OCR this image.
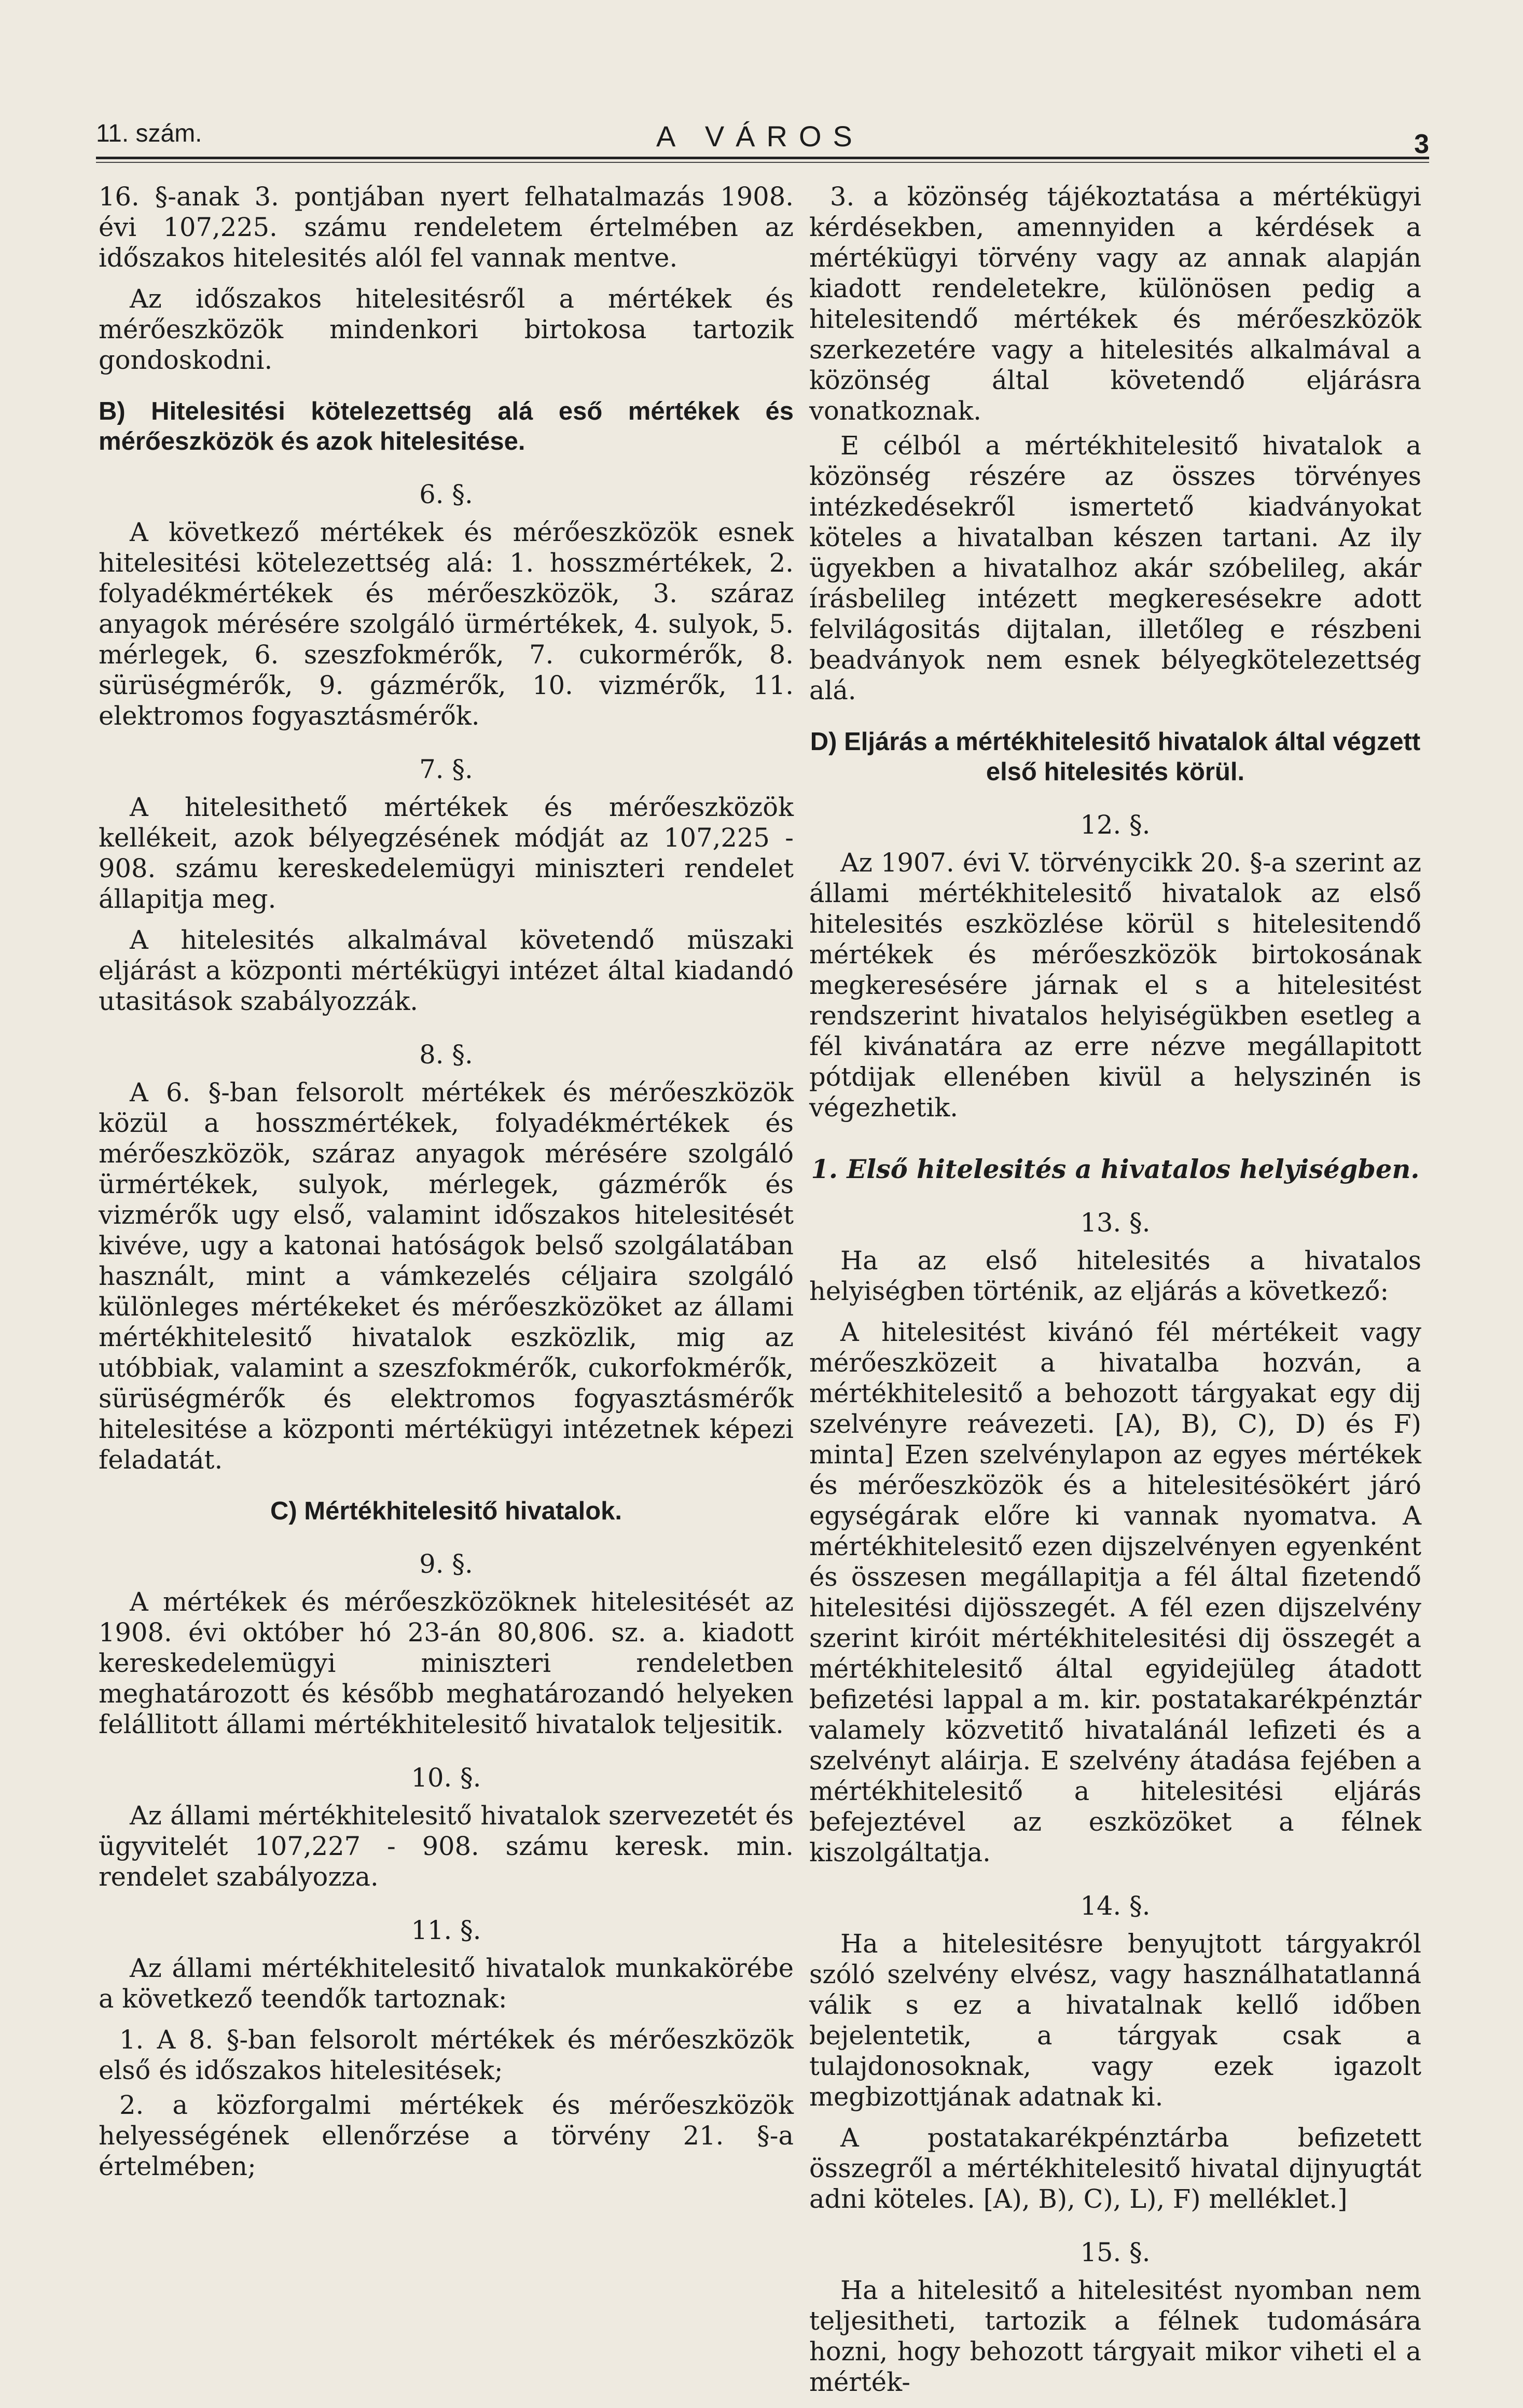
11. szám.	A VÁROS	3

16. §-anak 3. pontjában nyert felhatalmazás 1908. évi 107,225. számu rendeletem értelmében az időszakos hitelesités alól fel vannak mentve.

Az időszakos hitelesitésről a mértékek és mérőeszközök mindenkori birtokosa tartozik gondoskodni.

B) Hitelesitési kötelezettség alá eső mértékek és mérőeszközök és azok hitelesitése.

6. §.

A következő mértékek és mérőeszközök esnek hitelesitési kötelezettség alá: 1. hosszmértékek, 2. folyadékmértékek és mérőeszközök, 3. száraz anyagok mérésére szolgáló ürmértékek, 4. sulyok, 5. mérlegek, 6. szeszfokmérők, 7. cukormérők, 8. sürüségmérők, 9. gázmérők, 10. vizmérők, 11. elektromos fogyasztásmérők.

7. §.

A hitelesithető mértékek és mérőeszközök kellékeit, azok bélyegzésének módját az 107,225 - 908. számu kereskedelemügyi miniszteri rendelet állapitja meg.

A hitelesités alkalmával követendő müszaki eljárást a központi mértékügyi intézet által kiadandó utasitások szabályozzák.

8. §.

A 6. §-ban felsorolt mértékek és mérőeszközök közül a hosszmértékek, folyadékmértékek és mérőeszközök, száraz anyagok mérésére szolgáló ürmértékek, sulyok, mérlegek, gázmérők és vizmérők ugy első, valamint időszakos hitelesitését kivéve, ugy a katonai hatóságok belső szolgálatában használt, mint a vámkezelés céljaira szolgáló különleges mértékeket és mérőeszközöket az állami mértékhitelesitő hivatalok eszközlik, mig az utóbbiak, valamint a szeszfokmérők, cukorfokmérők, sürüségmérők és elektromos fogyasztásmérők hitelesitése a központi mértékügyi intézetnek képezi feladatát.

C) Mértékhitelesitő hivatalok.

9. §.

A mértékek és mérőeszközöknek hitelesitését az 1908. évi október hó 23-án 80,806. sz. a. kiadott kereskedelemügyi miniszteri rendeletben meghatározott és később meghatározandó helyeken felállitott állami mértékhitelesitő hivatalok teljesitik.

10. §.

Az állami mértékhitelesitő hivatalok szervezetét és ügyvitelét 107,227 - 908. számu keresk. min. rendelet szabályozza.

11. §.

Az állami mértékhitelesitő hivatalok munkakörébe a következő teendők tartoznak:

1. A 8. §-ban felsorolt mértékek és mérőeszközök első és időszakos hitelesitések;

2. a közforgalmi mértékek és mérőeszközök helyességének ellenőrzése a törvény 21. §-a értelmében;

3. a közönség tájékoztatása a mértékügyi kérdésekben, amennyiden a kérdések a mértékügyi törvény vagy az annak alapján kiadott rendeletekre, különösen pedig a hitelesitendő mértékek és mérőeszközök szerkezetére vagy a hitelesités alkalmával a közönség által követendő eljárásra vonatkoznak.

E célból a mértékhitelesitő hivatalok a közönség részére az összes törvényes intézkedésekről ismertető kiadványokat köteles a hivatalban készen tartani. Az ily ügyekben a hivatalhoz akár szóbelileg, akár írásbelileg intézett megkeresésekre adott felvilágositás dijtalan, illetőleg e részbeni beadványok nem esnek bélyegkötelezettség alá.

D) Eljárás a mértékhitelesitő hivatalok által végzett első hitelesités körül.

12. §.

Az 1907. évi V. törvénycikk 20. §-a szerint az állami mértékhitelesitő hivatalok az első hitelesités eszközlése körül s hitelesitendő mértékek és mérőeszközök birtokosának megkeresésére járnak el s a hitelesitést rendszerint hivatalos helyiségükben esetleg a fél kivánatára az erre nézve megállapitott pótdijak ellenében kivül a helyszinén is végezhetik.

1. Első hitelesités a hivatalos helyiségben.

13. §.

Ha az első hitelesités a hivatalos helyiségben történik, az eljárás a következő:

A hitelesitést kivánó fél mértékeit vagy mérőeszközeit a hivatalba hozván, a mértékhitelesitő a behozott tárgyakat egy dij szelvényre reávezeti. [A), B), C), D) és F) minta] Ezen szelvénylapon az egyes mértékek és mérőeszközök és a hitelesitésökért járó egységárak előre ki vannak nyomatva. A mértékhitelesitő ezen dijszelvényen egyenként és összesen megállapitja a fél által fizetendő hitelesitési dijösszegét. A fél ezen dijszelvény szerint kiróit mértékhitelesitési dij összegét a mértékhitelesitő által egyidejüleg átadott befizetési lappal a m. kir. postatakarékpénztár valamely közvetitő hivatalánál lefizeti és a szelvényt aláirja. E szelvény átadása fejében a mértékhitelesitő a hitelesitési eljárás befejeztével az eszközöket a félnek kiszolgáltatja.

14. §.

Ha a hitelesitésre benyujtott tárgyakról szóló szelvény elvész, vagy használhatatlanná válik s ez a hivatalnak kellő időben bejelentetik, a tárgyak csak a tulajdonosoknak, vagy ezek igazolt megbizottjának adatnak ki.

A postatakarékpénztárba befizetett összegről a mértékhitelesitő hivatal dijnyugtát adni köteles. [A), B), C), L), F) melléklet.]

15. §.

Ha a hitelesitő a hitelesitést nyomban nem teljesitheti, tartozik a félnek tudomására hozni, hogy behozott tárgyait mikor viheti el a mérték-
